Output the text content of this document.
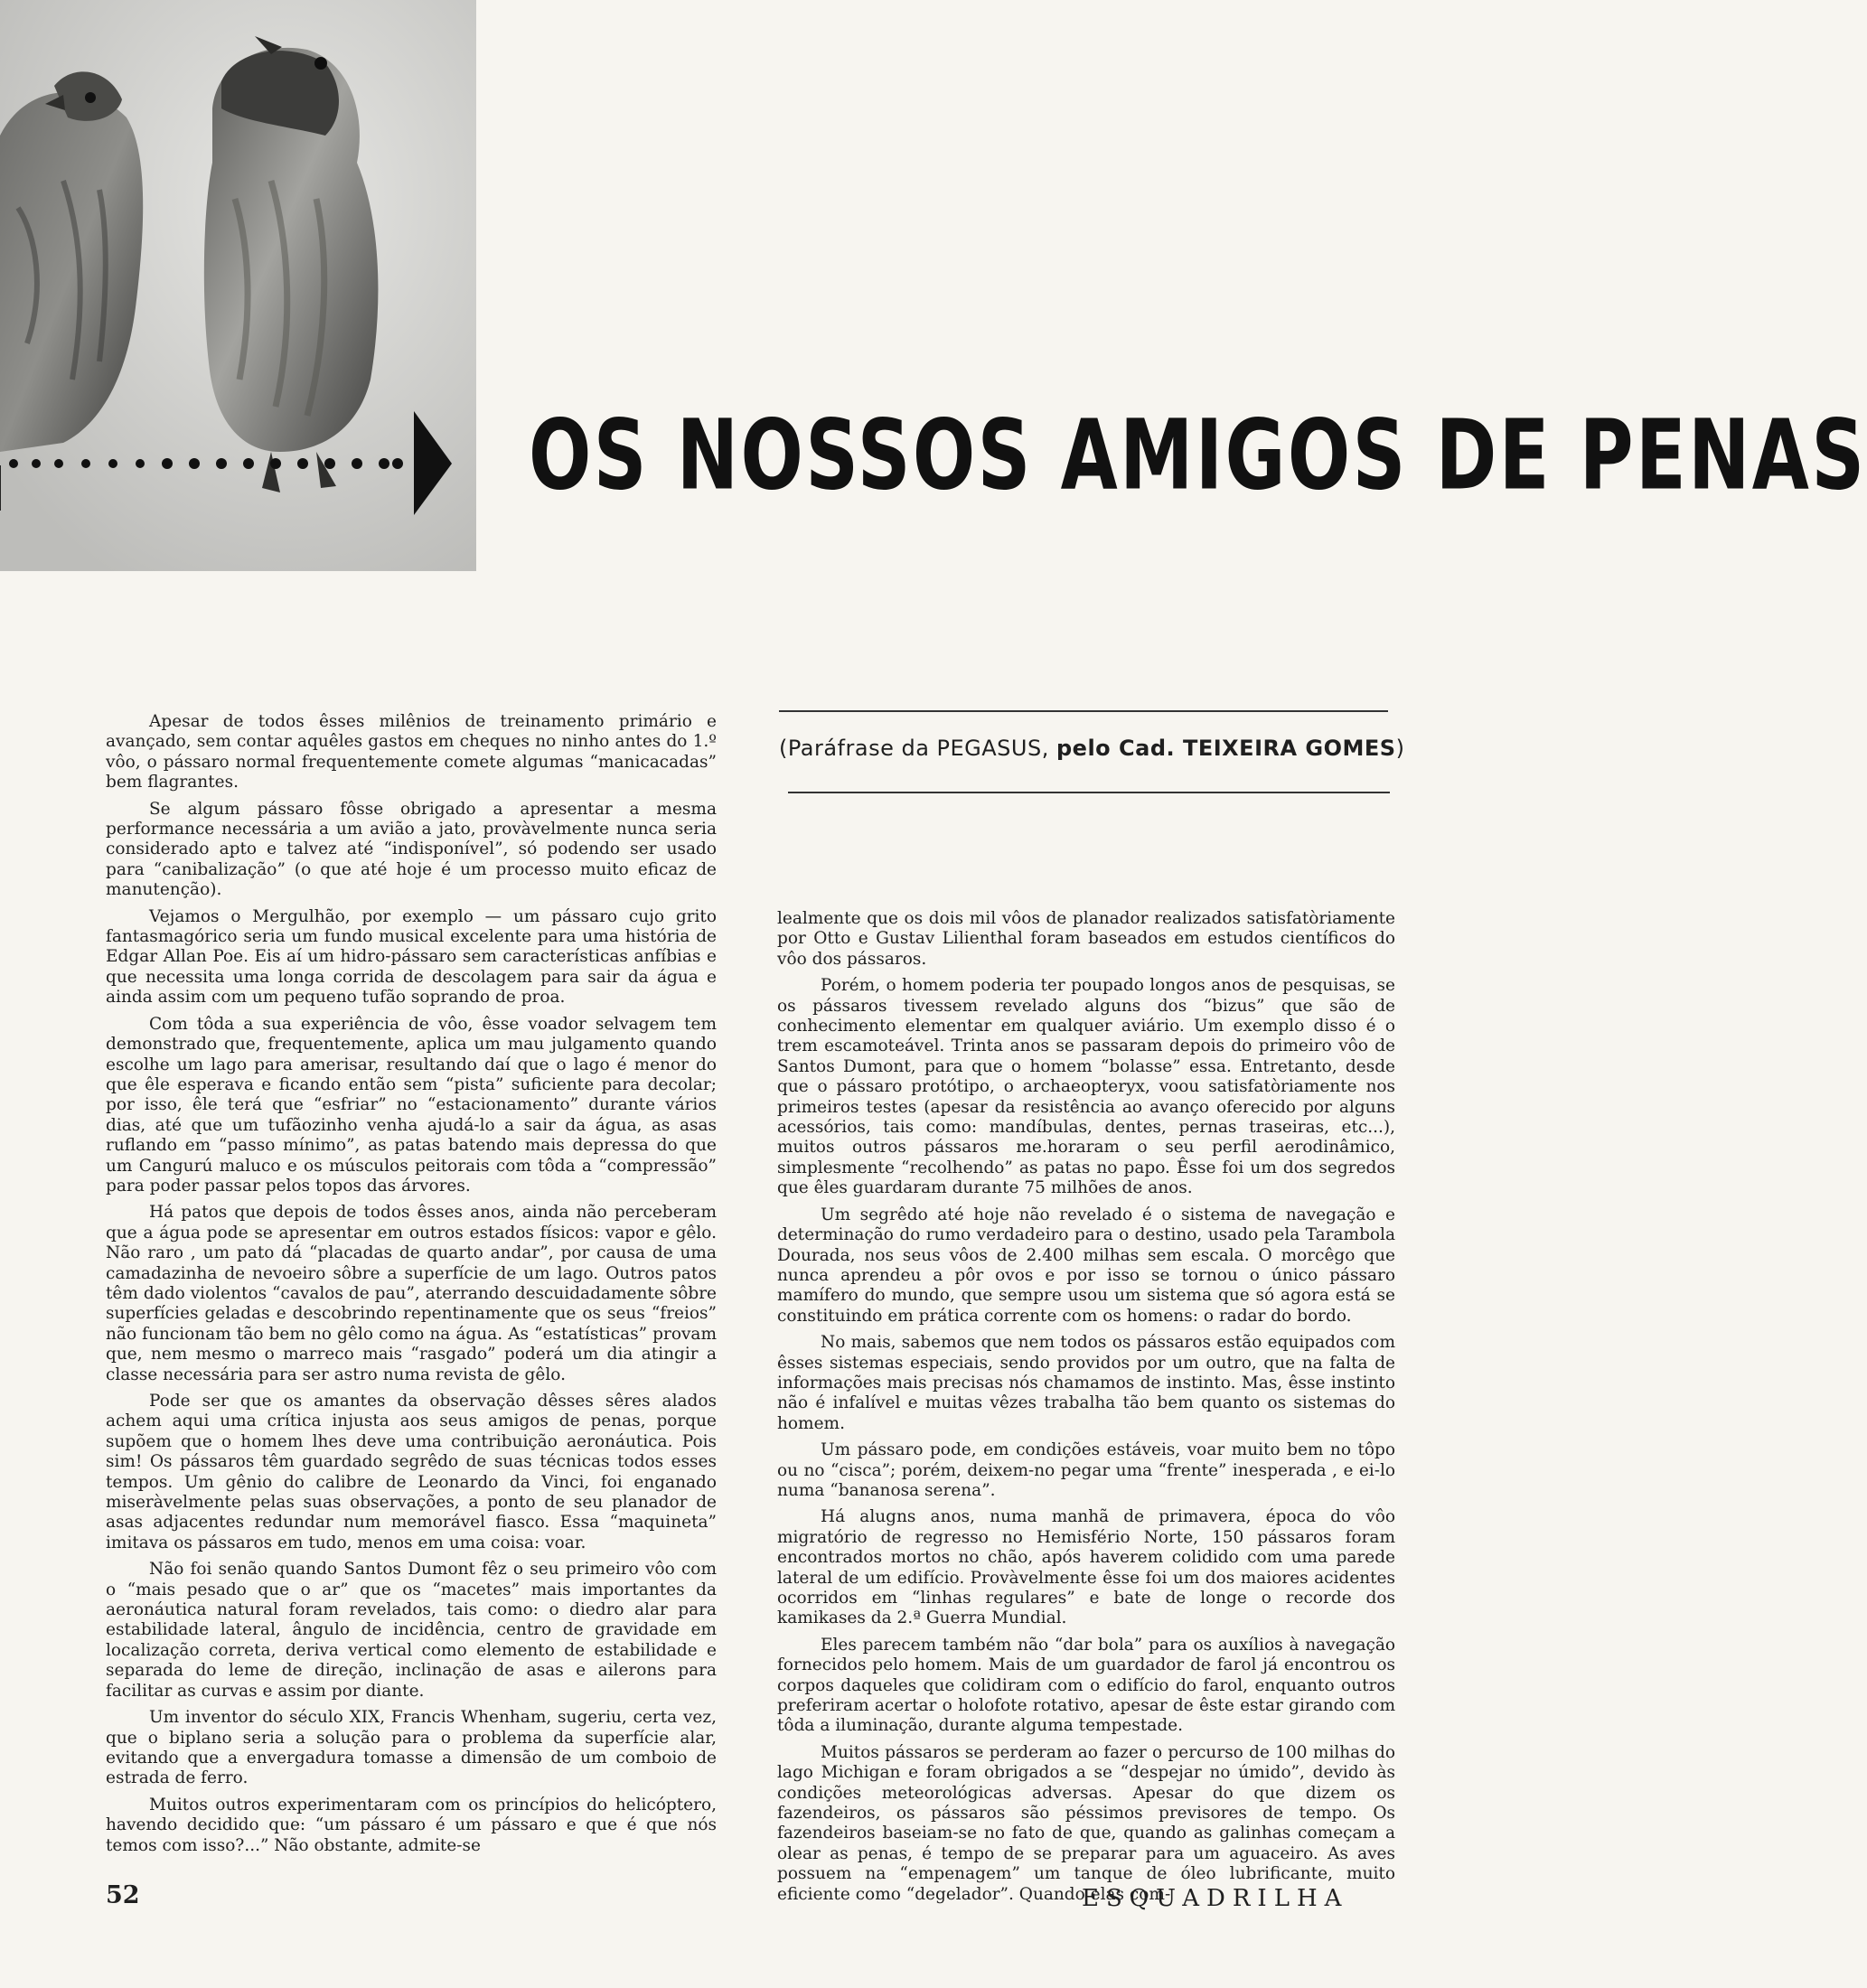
OS NOSSOS AMIGOS DE PENAS
(Paráfrase da PEGASUS, pelo Cad. TEIXEIRA GOMES)

Apesar de todos êsses milênios de treinamento primário e avançado, sem contar aquêles gastos em cheques no ninho antes do 1.º vôo, o pássaro normal frequentemente comete algumas “manicacadas” bem flagrantes.

Se algum pássaro fôsse obrigado a apresentar a mesma performance necessária a um avião a jato, provàvelmente nunca seria considerado apto e talvez até “indisponível”, só podendo ser usado para “canibalização” (o que até hoje é um processo muito eficaz de manutenção).

Vejamos o Mergulhão, por exemplo — um pássaro cujo grito fantasmagórico seria um fundo musical excelente para uma história de Edgar Allan Poe. Eis aí um hidro-pássaro sem características anfíbias e que necessita uma longa corrida de descolagem para sair da água e ainda assim com um pequeno tufão soprando de proa.

Com tôda a sua experiência de vôo, êsse voador selvagem tem demonstrado que, frequentemente, aplica um mau julgamento quando escolhe um lago para amerisar, resultando daí que o lago é menor do que êle esperava e ficando então sem “pista” suficiente para decolar; por isso, êle terá que “esfriar” no “estacionamento” durante vários dias, até que um tufãozinho venha ajudá-lo a sair da água, as asas ruflando em “passo mínimo”, as patas batendo mais depressa do que um Cangurú maluco e os músculos peitorais com tôda a “compressão” para poder passar pelos topos das árvores.

Há patos que depois de todos êsses anos, ainda não perceberam que a água pode se apresentar em outros estados físicos: vapor e gêlo. Não raro , um pato dá “placadas de quarto andar”, por causa de uma camadazinha de nevoeiro sôbre a superfície de um lago. Outros patos têm dado violentos “cavalos de pau”, aterrando descuidadamente sôbre superfícies geladas e descobrindo repentinamente que os seus “freios” não funcionam tão bem no gêlo como na água. As “estatísticas” provam que, nem mesmo o marreco mais “rasgado” poderá um dia atingir a classe necessária para ser astro numa revista de gêlo.

Pode ser que os amantes da observação dêsses sêres alados achem aqui uma crítica injusta aos seus amigos de penas, porque supõem que o homem lhes deve uma contribuição aeronáutica. Pois sim! Os pássaros têm guardado segrêdo de suas técnicas todos esses tempos. Um gênio do calibre de Leonardo da Vinci, foi enganado miseràvelmente pelas suas observações, a ponto de seu planador de asas adjacentes redundar num memorável fiasco. Essa “maquineta” imitava os pássaros em tudo, menos em uma coisa: voar.

Não foi senão quando Santos Dumont fêz o seu primeiro vôo com o “mais pesado que o ar” que os “macetes” mais importantes da aeronáutica natural foram revelados, tais como: o diedro alar para estabilidade lateral, ângulo de incidência, centro de gravidade em localização correta, deriva vertical como elemento de estabilidade e separada do leme de direção, inclinação de asas e ailerons para facilitar as curvas e assim por diante.

Um inventor do século XIX, Francis Whenham, sugeriu, certa vez, que o biplano seria a solução para o problema da superfície alar, evitando que a envergadura tomasse a dimensão de um comboio de estrada de ferro.

Muitos outros experimentaram com os princípios do helicóptero, havendo decidido que: “um pássaro é um pássaro e que é que nós temos com isso?...” Não obstante, admite-se

lealmente que os dois mil vôos de planador realizados satisfatòriamente por Otto e Gustav Lilienthal foram baseados em estudos científicos do vôo dos pássaros.

Porém, o homem poderia ter poupado longos anos de pesquisas, se os pássaros tivessem revelado alguns dos “bizus” que são de conhecimento elementar em qualquer aviário. Um exemplo disso é o trem escamoteável. Trinta anos se passaram depois do primeiro vôo de Santos Dumont, para que o homem “bolasse” essa. Entretanto, desde que o pássaro protótipo, o archaeopteryx, voou satisfatòriamente nos primeiros testes (apesar da resistência ao avanço oferecido por alguns acessórios, tais como: mandíbulas, dentes, pernas traseiras, etc...), muitos outros pássaros me.horaram o seu perfil aerodinâmico, simplesmente “recolhendo” as patas no papo. Êsse foi um dos segredos que êles guardaram durante 75 milhões de anos.

Um segrêdo até hoje não revelado é o sistema de navegação e determinação do rumo verdadeiro para o destino, usado pela Tarambola Dourada, nos seus vôos de 2.400 milhas sem escala. O morcêgo que nunca aprendeu a pôr ovos e por isso se tornou o único pássaro mamífero do mundo, que sempre usou um sistema que só agora está se constituindo em prática corrente com os homens: o radar do bordo.

No mais, sabemos que nem todos os pássaros estão equipados com êsses sistemas especiais, sendo providos por um outro, que na falta de informações mais precisas nós chamamos de instinto. Mas, êsse instinto não é infalível e muitas vêzes trabalha tão bem quanto os sistemas do homem.

Um pássaro pode, em condições estáveis, voar muito bem no tôpo ou no “cisca”; porém, deixem-no pegar uma “frente” inesperada , e ei-lo numa “bananosa serena”.

Há alugns anos, numa manhã de primavera, época do vôo migratório de regresso no Hemisfério Norte, 150 pássaros foram encontrados mortos no chão, após haverem colidido com uma parede lateral de um edifício. Provàvelmente êsse foi um dos maiores acidentes ocorridos em “linhas regulares” e bate de longe o recorde dos kamikases da 2.ª Guerra Mundial.

Eles parecem também não “dar bola” para os auxílios à navegação fornecidos pelo homem. Mais de um guardador de farol já encontrou os corpos daqueles que colidiram com o edifício do farol, enquanto outros preferiram acertar o holofote rotativo, apesar de êste estar girando com tôda a iluminação, durante alguma tempestade.

Muitos pássaros se perderam ao fazer o percurso de 100 milhas do lago Michigan e foram obrigados a se “despejar no úmido”, devido às condições meteorológicas adversas. Apesar do que dizem os fazendeiros, os pássaros são péssimos previsores de tempo. Os fazendeiros baseiam-se no fato de que, quando as galinhas começam a olear as penas, é tempo de se preparar para um aguaceiro. As aves possuem na “empenagem” um tanque de óleo lubrificante, muito eficiente como “degelador”. Quando elas com-

52	ESQUADRILHA
